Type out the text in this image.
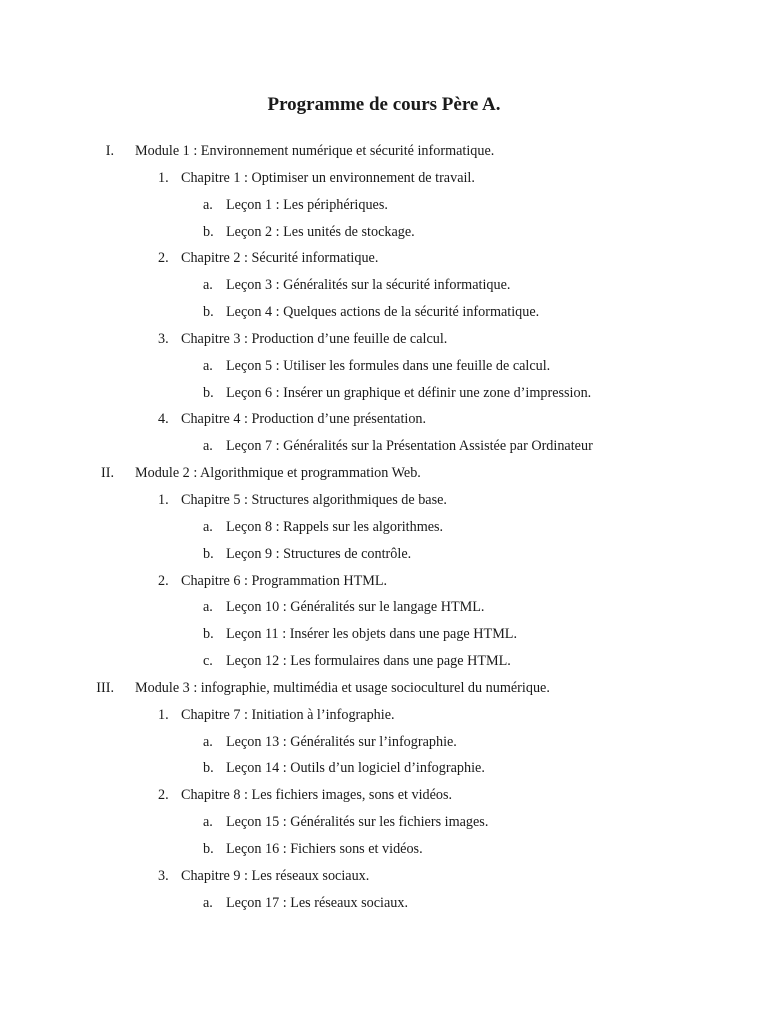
Programme de cours Père A.
I. Module 1 : Environnement numérique et sécurité informatique.
1. Chapitre 1 : Optimiser un environnement de travail.
a. Leçon 1 : Les périphériques.
b. Leçon 2 : Les unités de stockage.
2. Chapitre 2 : Sécurité informatique.
a. Leçon 3 : Généralités sur la sécurité informatique.
b. Leçon 4 : Quelques actions de la sécurité informatique.
3. Chapitre 3 : Production d’une feuille de calcul.
a. Leçon 5 : Utiliser les formules dans une feuille de calcul.
b. Leçon 6 : Insérer un graphique et définir une zone d’impression.
4. Chapitre 4 : Production d’une présentation.
a. Leçon 7 : Généralités sur la Présentation Assistée par Ordinateur
II. Module 2 : Algorithmique et programmation Web.
1. Chapitre 5 : Structures algorithmiques de base.
a. Leçon 8 : Rappels sur les algorithmes.
b. Leçon 9 : Structures de contrôle.
2. Chapitre 6 : Programmation HTML.
a. Leçon 10 : Généralités sur le langage HTML.
b. Leçon 11 : Insérer les objets dans une page HTML.
c. Leçon 12 : Les formulaires dans une page HTML.
III. Module 3 : infographie, multimédia et usage socioculturel du numérique.
1. Chapitre 7 : Initiation à l’infographie.
a. Leçon 13 : Généralités sur l’infographie.
b. Leçon 14 : Outils d’un logiciel d’infographie.
2. Chapitre 8 : Les fichiers images, sons et vidéos.
a. Leçon 15 : Généralités sur les fichiers images.
b. Leçon 16 : Fichiers sons et vidéos.
3. Chapitre 9 : Les réseaux sociaux.
a. Leçon 17 : Les réseaux sociaux.
